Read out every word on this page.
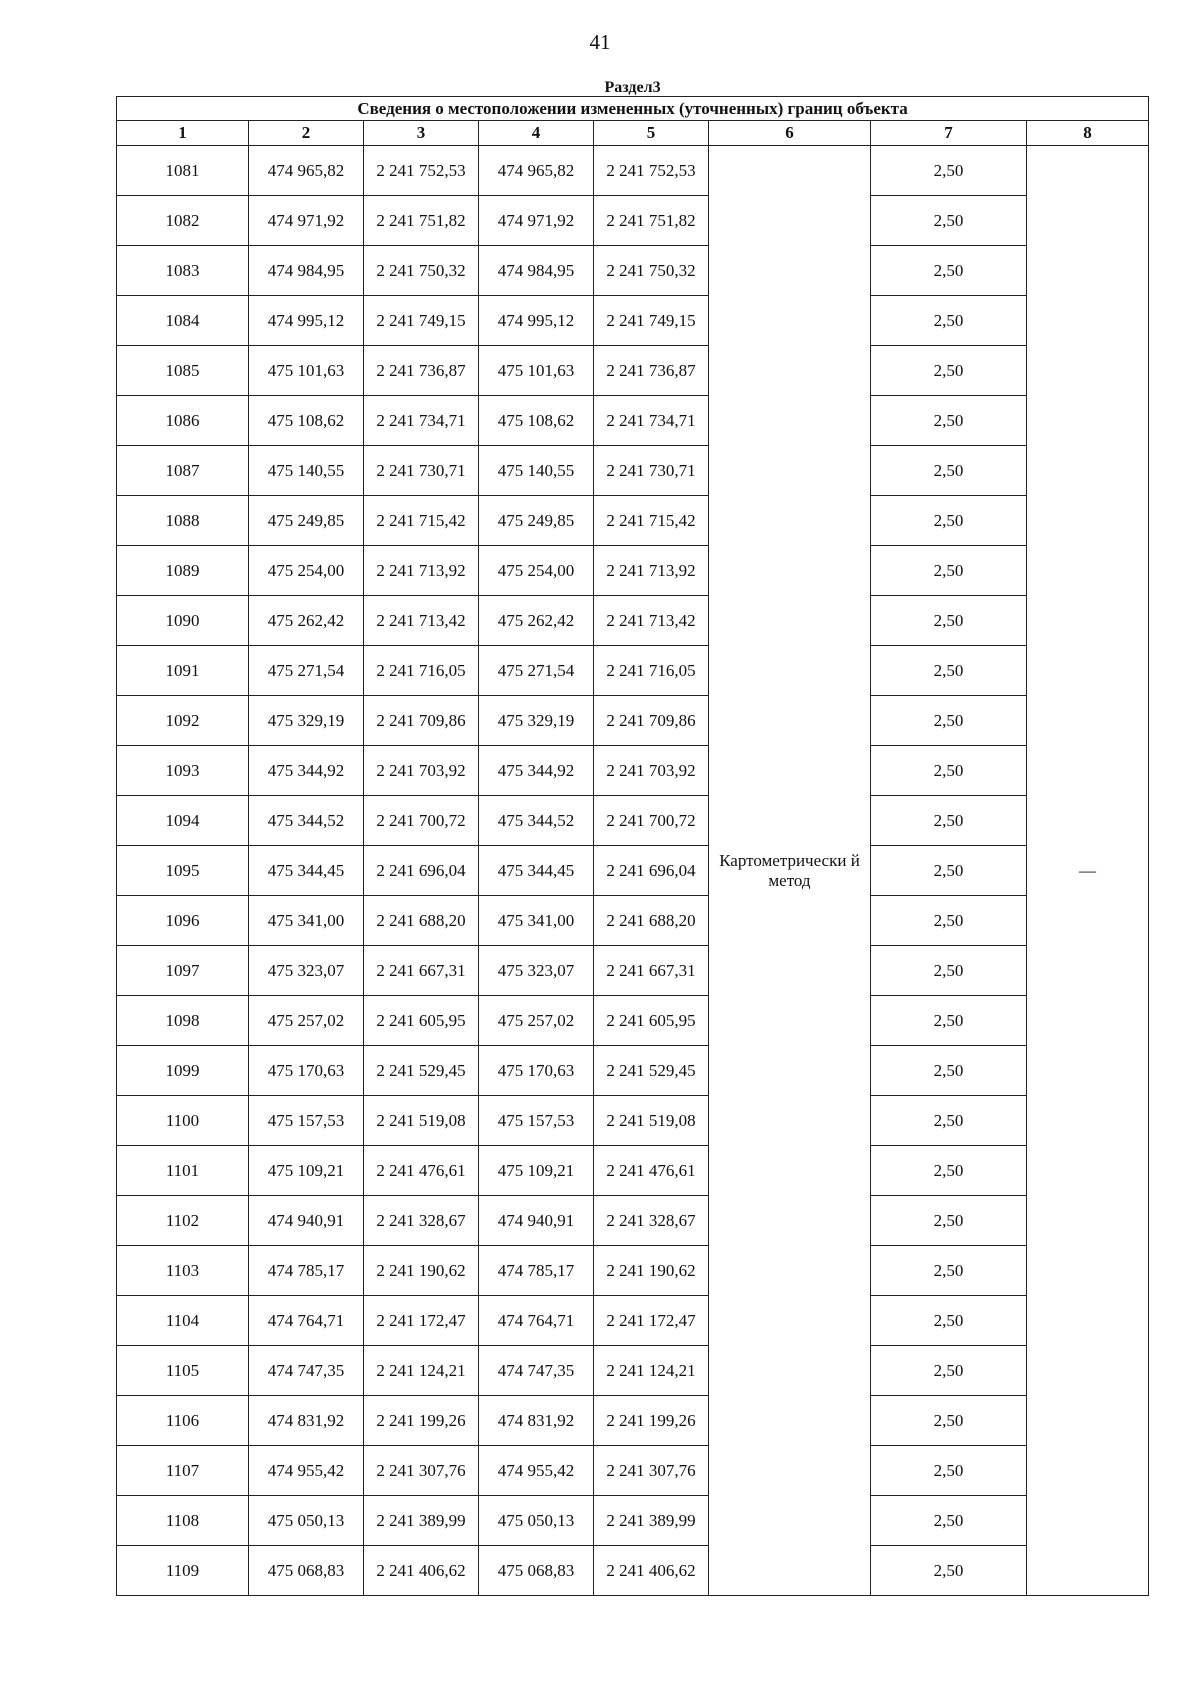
41
Раздел3							
Сведения о местоположении измененных (уточненных) границ объекта							
1	2	3	4	5	6	7	8
1081	474 965,82	2 241 752,53	474 965,82	2 241 752,53	Картометрически й метод	2,50	—
1082	474 971,92	2 241 751,82	474 971,92	2 241 751,82		2,50	
1083	474 984,95	2 241 750,32	474 984,95	2 241 750,32		2,50	
1084	474 995,12	2 241 749,15	474 995,12	2 241 749,15		2,50	
1085	475 101,63	2 241 736,87	475 101,63	2 241 736,87		2,50	
1086	475 108,62	2 241 734,71	475 108,62	2 241 734,71		2,50	
1087	475 140,55	2 241 730,71	475 140,55	2 241 730,71		2,50	
1088	475 249,85	2 241 715,42	475 249,85	2 241 715,42		2,50	
1089	475 254,00	2 241 713,92	475 254,00	2 241 713,92		2,50	
1090	475 262,42	2 241 713,42	475 262,42	2 241 713,42		2,50	
1091	475 271,54	2 241 716,05	475 271,54	2 241 716,05		2,50	
1092	475 329,19	2 241 709,86	475 329,19	2 241 709,86		2,50	
1093	475 344,92	2 241 703,92	475 344,92	2 241 703,92		2,50	
1094	475 344,52	2 241 700,72	475 344,52	2 241 700,72		2,50	
1095	475 344,45	2 241 696,04	475 344,45	2 241 696,04		2,50	
1096	475 341,00	2 241 688,20	475 341,00	2 241 688,20		2,50	
1097	475 323,07	2 241 667,31	475 323,07	2 241 667,31		2,50	
1098	475 257,02	2 241 605,95	475 257,02	2 241 605,95		2,50	
1099	475 170,63	2 241 529,45	475 170,63	2 241 529,45		2,50	
1100	475 157,53	2 241 519,08	475 157,53	2 241 519,08		2,50	
1101	475 109,21	2 241 476,61	475 109,21	2 241 476,61		2,50	
1102	474 940,91	2 241 328,67	474 940,91	2 241 328,67		2,50	
1103	474 785,17	2 241 190,62	474 785,17	2 241 190,62		2,50	
1104	474 764,71	2 241 172,47	474 764,71	2 241 172,47		2,50	
1105	474 747,35	2 241 124,21	474 747,35	2 241 124,21		2,50	
1106	474 831,92	2 241 199,26	474 831,92	2 241 199,26		2,50	
1107	474 955,42	2 241 307,76	474 955,42	2 241 307,76		2,50	
1108	475 050,13	2 241 389,99	475 050,13	2 241 389,99		2,50	
1109	475 068,83	2 241 406,62	475 068,83	2 241 406,62		2,50	
